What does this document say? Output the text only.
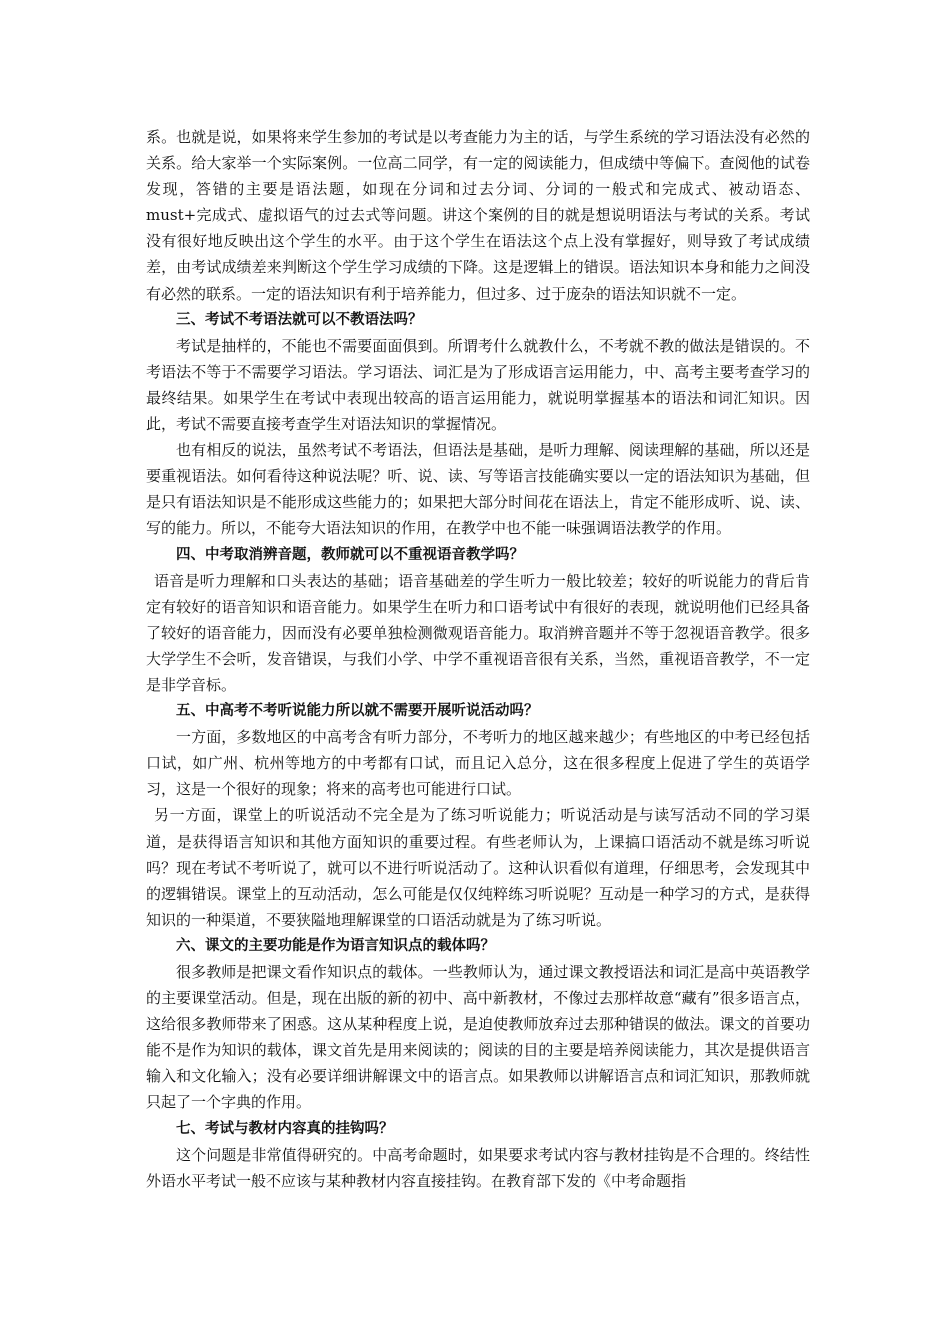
系。也就是说，如果将来学生参加的考试是以考查能力为主的话，与学生系统的学习语法没有必然的关系。给大家举一个实际案例。一位高二同学，有一定的阅读能力，但成绩中等偏下。查阅他的试卷发现，答错的主要是语法题，如现在分词和过去分词、分词的一般式和完成式、被动语态、must+完成式、虚拟语气的过去式等问题。讲这个案例的目的就是想说明语法与考试的关系。考试没有很好地反映出这个学生的水平。由于这个学生在语法这个点上没有掌握好，则导致了考试成绩差，由考试成绩差来判断这个学生学习成绩的下降。这是逻辑上的错误。语法知识本身和能力之间没有必然的联系。一定的语法知识有利于培养能力，但过多、过于庞杂的语法知识就不一定。

三、考试不考语法就可以不教语法吗？

考试是抽样的，不能也不需要面面俱到。所谓考什么就教什么，不考就不教的做法是错误的。不考语法不等于不需要学习语法。学习语法、词汇是为了形成语言运用能力，中、高考主要考查学习的最终结果。如果学生在考试中表现出较高的语言运用能力，就说明掌握基本的语法和词汇知识。因此，考试不需要直接考查学生对语法知识的掌握情况。

也有相反的说法，虽然考试不考语法，但语法是基础，是听力理解、阅读理解的基础，所以还是要重视语法。如何看待这种说法呢？听、说、读、写等语言技能确实要以一定的语法知识为基础，但是只有语法知识是不能形成这些能力的；如果把大部分时间花在语法上，肯定不能形成听、说、读、写的能力。所以，不能夸大语法知识的作用，在教学中也不能一味强调语法教学的作用。

四、中考取消辨音题，教师就可以不重视语音教学吗？

语音是听力理解和口头表达的基础；语音基础差的学生听力一般比较差；较好的听说能力的背后肯定有较好的语音知识和语音能力。如果学生在听力和口语考试中有很好的表现，就说明他们已经具备了较好的语音能力，因而没有必要单独检测微观语音能力。取消辨音题并不等于忽视语音教学。很多大学学生不会听，发音错误，与我们小学、中学不重视语音很有关系，当然，重视语音教学，不一定是非学音标。

五、中高考不考听说能力所以就不需要开展听说活动吗？

一方面，多数地区的中高考含有听力部分，不考听力的地区越来越少；有些地区的中考已经包括口试，如广州、杭州等地方的中考都有口试，而且记入总分，这在很多程度上促进了学生的英语学习，这是一个很好的现象；将来的高考也可能进行口试。

另一方面，课堂上的听说活动不完全是为了练习听说能力；听说活动是与读写活动不同的学习渠道，是获得语言知识和其他方面知识的重要过程。有些老师认为，上课搞口语活动不就是练习听说吗？现在考试不考听说了，就可以不进行听说活动了。这种认识看似有道理，仔细思考，会发现其中的逻辑错误。课堂上的互动活动，怎么可能是仅仅纯粹练习听说呢？互动是一种学习的方式，是获得知识的一种渠道，不要狭隘地理解课堂的口语活动就是为了练习听说。

六、课文的主要功能是作为语言知识点的载体吗？

很多教师是把课文看作知识点的载体。一些教师认为，通过课文教授语法和词汇是高中英语教学的主要课堂活动。但是，现在出版的新的初中、高中新教材，不像过去那样故意“藏有”很多语言点，这给很多教师带来了困惑。这从某种程度上说，是迫使教师放弃过去那种错误的做法。课文的首要功能不是作为知识的载体，课文首先是用来阅读的；阅读的目的主要是培养阅读能力，其次是提供语言输入和文化输入；没有必要详细讲解课文中的语言点。如果教师以讲解语言点和词汇知识，那教师就只起了一个字典的作用。

七、考试与教材内容真的挂钩吗？

这个问题是非常值得研究的。中高考命题时，如果要求考试内容与教材挂钩是不合理的。终结性外语水平考试一般不应该与某种教材内容直接挂钩。在教育部下发的《中考命题指
